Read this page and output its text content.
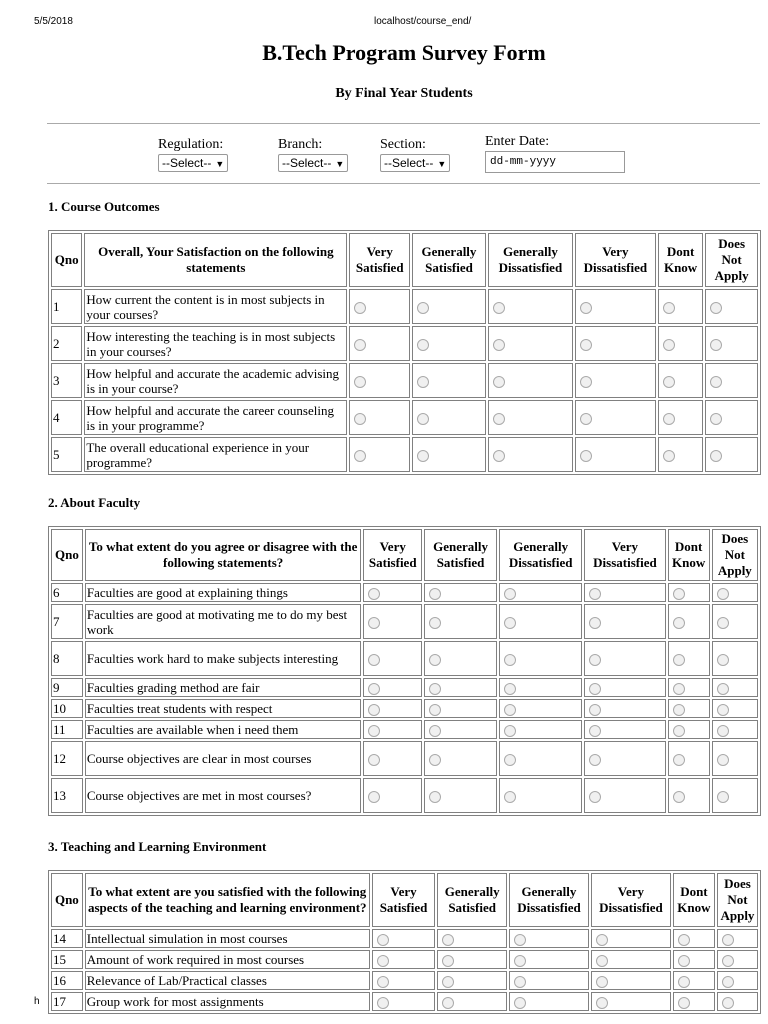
5/5/2018	localhost/course_end/
B.Tech Program Survey Form
By Final Year Students
Regulation:
--Select-- ▼
Branch:
--Select-- ▼
Section:
--Select-- ▼
Enter Date:
dd-mm-yyyy
1. Course Outcomes
Qno	Overall, Your Satisfaction on the following statements	Very Satisfied	Generally Satisfied	Generally Dissatisfied	Very Dissatisfied	Dont Know	Does Not Apply
1	How current the content is in most subjects in your courses?						
2	How interesting the teaching is in most subjects in your courses?						
3	How helpful and accurate the academic advising is in your course?						
4	How helpful and accurate the career counseling is in your programme?						
5	The overall educational experience in your programme?						
2. About Faculty
Qno	To what extent do you agree or disagree with the following statements?	Very Satisfied	Generally Satisfied	Generally Dissatisfied	Very Dissatisfied	Dont Know	Does Not Apply
6	Faculties are good at explaining things						
7	Faculties are good at motivating me to do my best work						
8	Faculties work hard to make subjects interesting						
9	Faculties grading method are fair						
10	Faculties treat students with respect						
11	Faculties are available when i need them						
12	Course objectives are clear in most courses						
13	Course objectives are met in most courses?						
3. Teaching and Learning Environment
Qno	To what extent are you satisfied with the following aspects of the teaching and learning environment?	Very Satisfied	Generally Satisfied	Generally Dissatisfied	Very Dissatisfied	Dont Know	Does Not Apply
14	Intellectual simulation in most courses						
15	Amount of work required in most courses						
16	Relevance of Lab/Practical classes						
17	Group work for most assignments						
h
